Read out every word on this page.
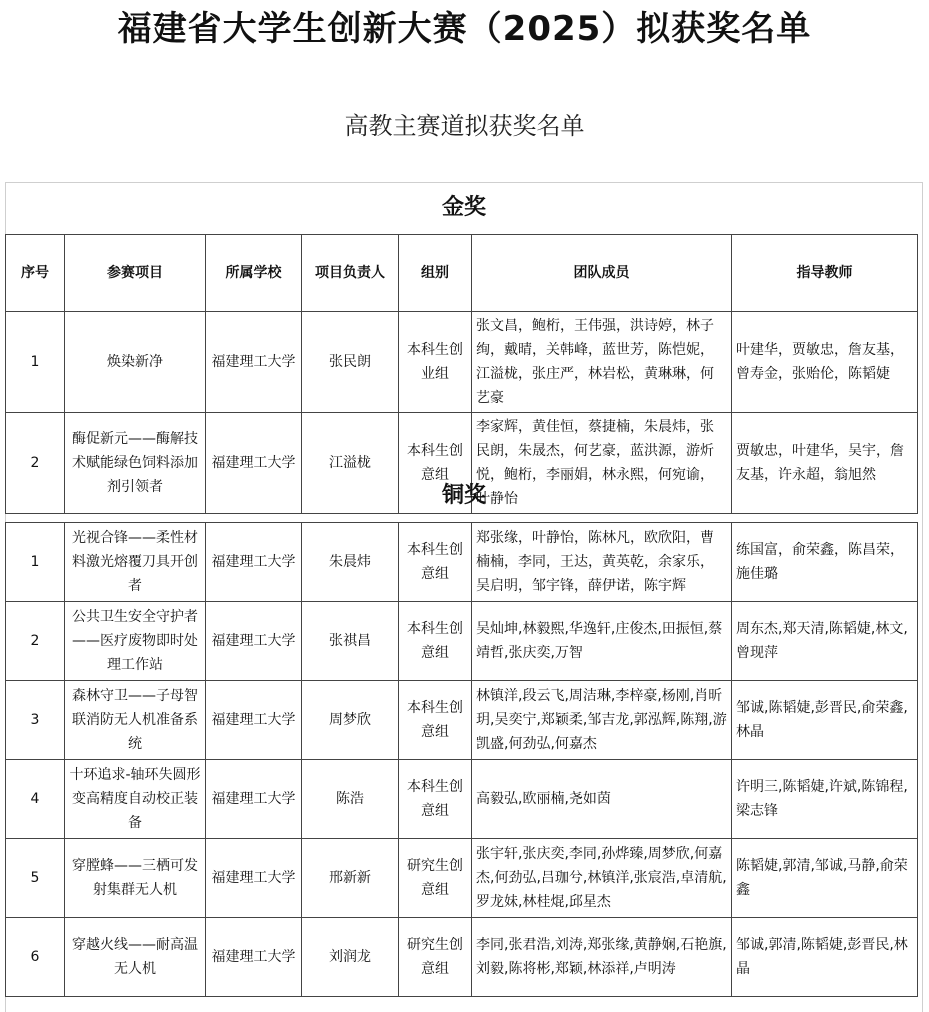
福建省大学生创新大赛（2025）拟获奖名单
高教主赛道拟获奖名单
金奖
序号	参赛项目	所属学校	项目负责人	组别	团队成员	指导教师
1	焕染新净	福建理工大学	张民朗	本科生创业组	张文昌，鲍桁，王伟强，洪诗婷，林子绚，戴晴，关韩峰，蓝世芳，陈恺妮，江溢栊，张庄严，林岩松，黄琳琳，何艺豪	叶建华，贾敏忠，詹友基，曾寿金，张贻伦，陈韬婕
2	酶促新元——酶解技术赋能绿色饲料添加剂引领者	福建理工大学	江溢栊	本科生创意组	李家辉，黄佳恒，蔡捷楠，朱晨炜，张民朗，朱晟杰，何艺豪，蓝洪源，游炘悦，鲍桁，李丽娟，林永熙，何宛谕，叶静怡	贾敏忠，叶建华，吴宇，詹友基，许永超，翁旭然
铜奖
1	光视合锋——柔性材料激光熔覆刀具开创者	福建理工大学	朱晨炜	本科生创意组	郑张缘，叶静怡，陈林凡，欧欣阳，曹楠楠，李同，王达，黄英乾，余家乐，吴启明，邹宇锋，薛伊诺，陈宇辉	练国富，俞荣鑫，陈昌荣，施佳璐
2	公共卫生安全守护者——医疗废物即时处理工作站	福建理工大学	张祺昌	本科生创意组	吴灿坤,林毅熙,华逸轩,庄俊杰,田振恒,蔡靖哲,张庆奕,万智	周东杰,郑天清,陈韬婕,林文,曾现萍
3	森林守卫——子母智联消防无人机准备系统	福建理工大学	周梦欣	本科生创意组	林镇洋,段云飞,周洁琳,李梓豪,杨刚,肖昕玥,吴奕宁,郑颖柔,邹吉龙,郭泓辉,陈翔,游凯盛,何劲弘,何嘉杰	邹诚,陈韬婕,彭晋民,俞荣鑫,林晶
4	十环追求-轴环失圆形变高精度自动校正装备	福建理工大学	陈浩	本科生创意组	高毅弘,欧丽楠,尧如茵	许明三,陈韬婕,许斌,陈锦程,梁志锋
5	穿膛蜂——三栖可发射集群无人机	福建理工大学	邢新新	研究生创意组	张宇轩,张庆奕,李同,孙烨臻,周梦欣,何嘉杰,何劲弘,吕珈兮,林镇洋,张宸浩,卓清航,罗龙妹,林桂焜,邱星杰	陈韬婕,郭清,邹诚,马静,俞荣鑫
6	穿越火线——耐高温无人机	福建理工大学	刘润龙	研究生创意组	李同,张君浩,刘涛,郑张缘,黄静娴,石艳旗,刘毅,陈将彬,郑颖,林添祥,卢明涛	邹诚,郭清,陈韬婕,彭晋民,林晶
